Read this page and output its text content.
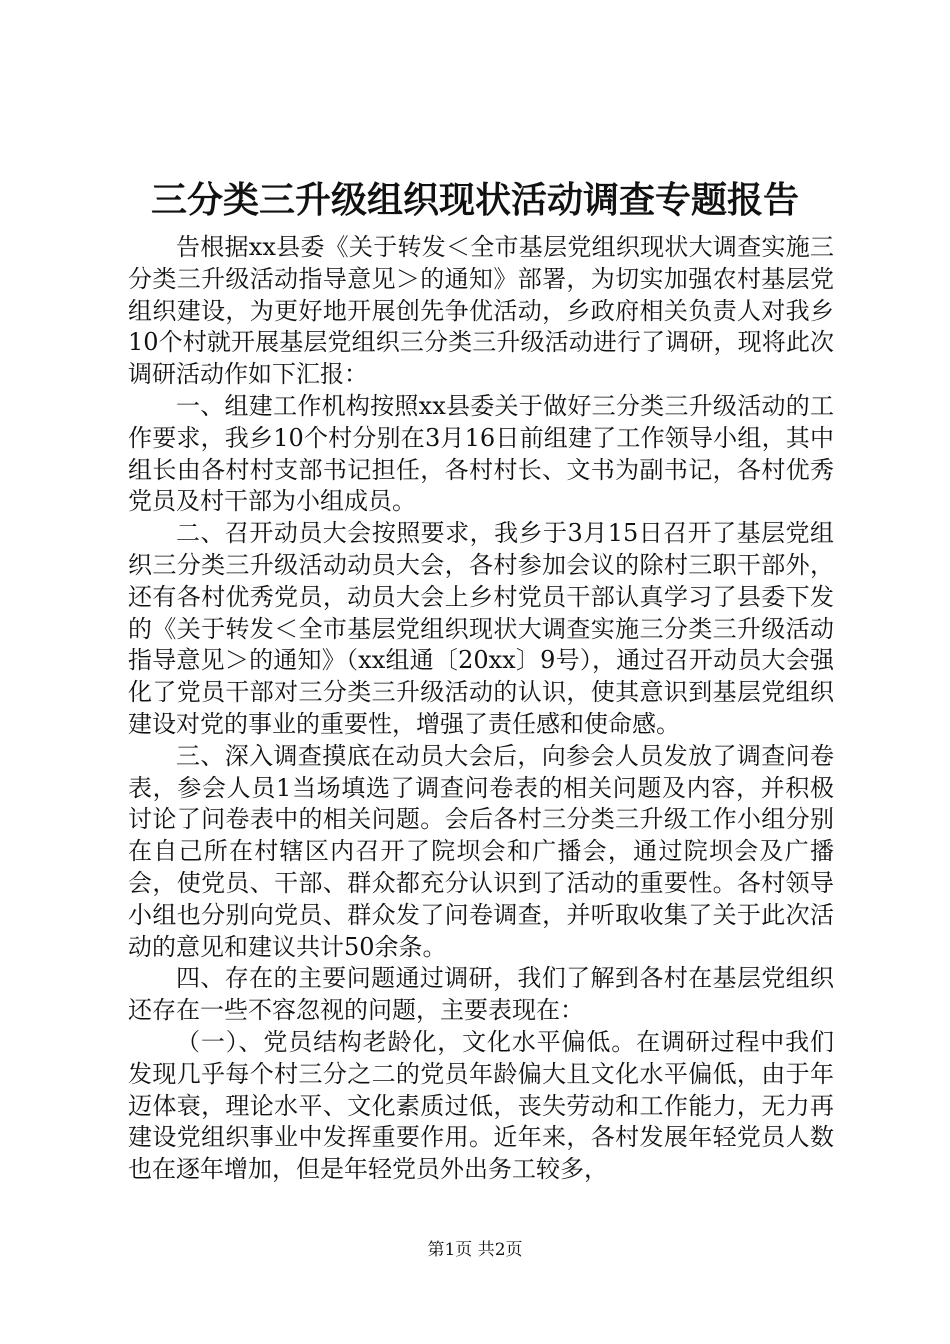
三分类三升级组织现状活动调查专题报告

告根据xx县委《关于转发＜全市基层党组织现状大调查实施三分类三升级活动指导意见＞的通知》部署，为切实加强农村基层党组织建设，为更好地开展创先争优活动，乡政府相关负责人对我乡10个村就开展基层党组织三分类三升级活动进行了调研，现将此次调研活动作如下汇报：

一、组建工作机构按照xx县委关于做好三分类三升级活动的工作要求，我乡10个村分别在3月16日前组建了工作领导小组，其中组长由各村村支部书记担任，各村村长、文书为副书记，各村优秀党员及村干部为小组成员。

二、召开动员大会按照要求，我乡于3月15日召开了基层党组织三分类三升级活动动员大会，各村参加会议的除村三职干部外，还有各村优秀党员，动员大会上乡村党员干部认真学习了县委下发的《关于转发＜全市基层党组织现状大调查实施三分类三升级活动指导意见＞的通知》（xx组通〔20xx〕9号），通过召开动员大会强化了党员干部对三分类三升级活动的认识，使其意识到基层党组织建设对党的事业的重要性，增强了责任感和使命感。

三、深入调查摸底在动员大会后，向参会人员发放了调查问卷表，参会人员1当场填选了调查问卷表的相关问题及内容，并积极讨论了问卷表中的相关问题。会后各村三分类三升级工作小组分别在自己所在村辖区内召开了院坝会和广播会，通过院坝会及广播会，使党员、干部、群众都充分认识到了活动的重要性。各村领导小组也分别向党员、群众发了问卷调查，并听取收集了关于此次活动的意见和建议共计50余条。

四、存在的主要问题通过调研，我们了解到各村在基层党组织还存在一些不容忽视的问题，主要表现在：

（一）、党员结构老龄化，文化水平偏低。在调研过程中我们发现几乎每个村三分之二的党员年龄偏大且文化水平偏低，由于年迈体衰，理论水平、文化素质过低，丧失劳动和工作能力，无力再建设党组织事业中发挥重要作用。近年来，各村发展年轻党员人数也在逐年增加，但是年轻党员外出务工较多，

第1页 共2页
